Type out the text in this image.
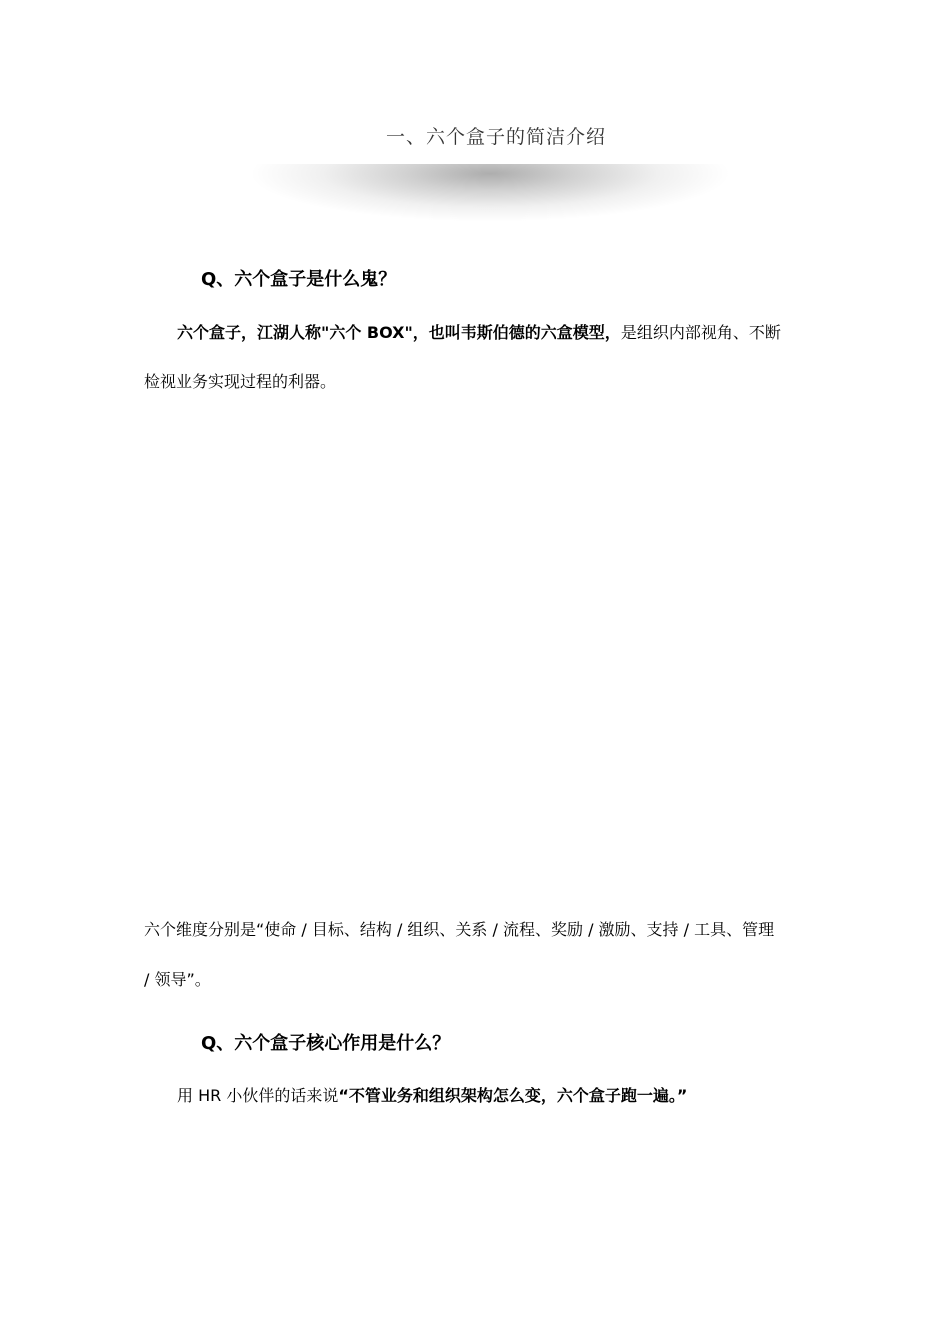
一、六个盒子的简洁介绍
Q、六个盒子是什么鬼？
六个盒子，江湖人称"六个 BOX"，也叫韦斯伯德的六盒模型，是组织内部视角、不断
检视业务实现过程的利器。
六个维度分别是“使命 / 目标、结构 / 组织、关系 / 流程、奖励 / 激励、支持 / 工具、管理
/ 领导”。
Q、六个盒子核心作用是什么？
用 HR 小伙伴的话来说“不管业务和组织架构怎么变，六个盒子跑一遍。”
